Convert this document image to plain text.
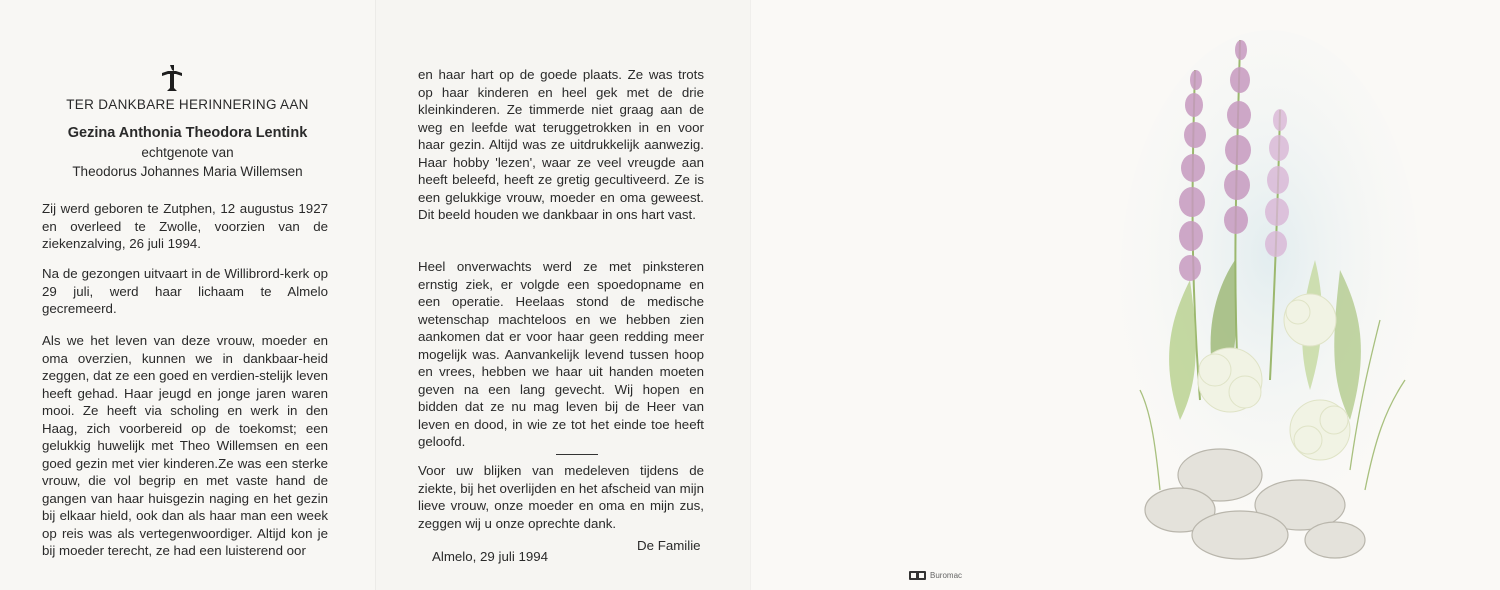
TER DANKBARE HERINNERING AAN
Gezina Anthonia Theodora Lentink
echtgenote van
Theodorus Johannes Maria Willemsen

Zij werd geboren te Zutphen, 12 augustus 1927 en overleed te Zwolle, voorzien van de ziekenzalving, 26 juli 1994.

Na de gezongen uitvaart in de Willibrord-kerk op 29 juli, werd haar lichaam te Almelo gecremeerd.

Als we het leven van deze vrouw, moeder en oma overzien, kunnen we in dankbaar-heid zeggen, dat ze een goed en verdien-stelijk leven heeft gehad. Haar jeugd en jonge jaren waren mooi. Ze heeft via scholing en werk in den Haag, zich voorbereid op de toekomst; een gelukkig huwelijk met Theo Willemsen en een goed gezin met vier kinderen.Ze was een sterke vrouw, die vol begrip en met vaste hand de gangen van haar huisgezin naging en het gezin bij elkaar hield, ook dan als haar man een week op reis was als vertegenwoordiger. Altijd kon je bij moeder terecht, ze had een luisterend oor

en haar hart op de goede plaats. Ze was trots op haar kinderen en heel gek met de drie kleinkinderen. Ze timmerde niet graag aan de weg en leefde wat teruggetrokken in en voor haar gezin. Altijd was ze uitdrukkelijk aanwezig. Haar hobby 'lezen', waar ze veel vreugde aan heeft beleefd, heeft ze gretig gecultiveerd. Ze is een gelukkige vrouw, moeder en oma geweest. Dit beeld houden we dankbaar in ons hart vast.

Heel onverwachts werd ze met pinksteren ernstig ziek, er volgde een spoedopname en een operatie. Heelaas stond de medische wetenschap machteloos en we hebben zien aankomen dat er voor haar geen redding meer mogelijk was. Aanvankelijk levend tussen hoop en vrees, hebben we haar uit handen moeten geven na een lang gevecht. Wij hopen en bidden dat ze nu mag leven bij de Heer van leven en dood, in wie ze tot het einde toe heeft geloofd.

Voor uw blijken van medeleven tijdens de ziekte, bij het overlijden en het afscheid van mijn lieve vrouw, onze moeder en oma en mijn zus, zeggen wij u onze oprechte dank.

De Familie
Almelo, 29 juli 1994
Buromac
